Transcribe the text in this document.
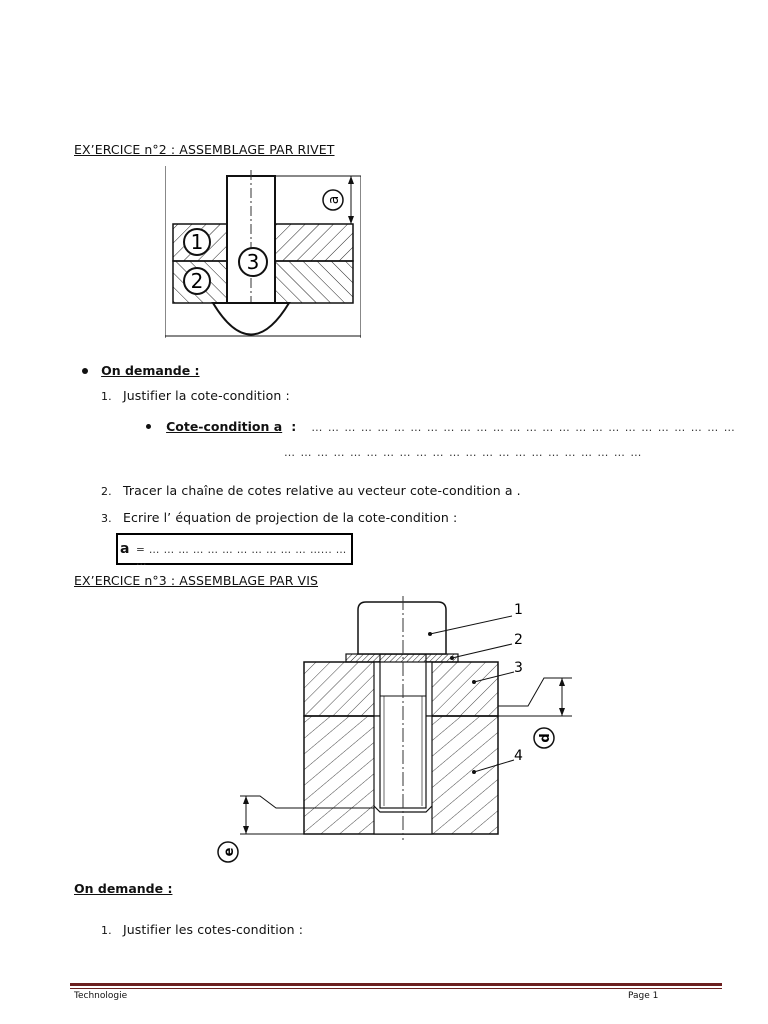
EX’ERCICE n°2 : ASSEMBLAGE PAR RIVET
a
1
2
3
On demande :
1. Justifier la cote-condition :
Cote-condition a : … … … … … … … … … … … … … … … … … … … … … … … … … …
… … … … … … … … … … … … … … … … … … … … … …
2. Tracer la chaîne de cotes relative au vecteur cote-condition a .
3. Ecrire l’ équation de projection de la cote-condition :
a = … … … … … … … … … … … …... … …
EX’ERCICE n°3 : ASSEMBLAGE PAR VIS
1
2
3
4
d
e
On demande :
1. Justifier les cotes-condition :
Technologie	Page 1
